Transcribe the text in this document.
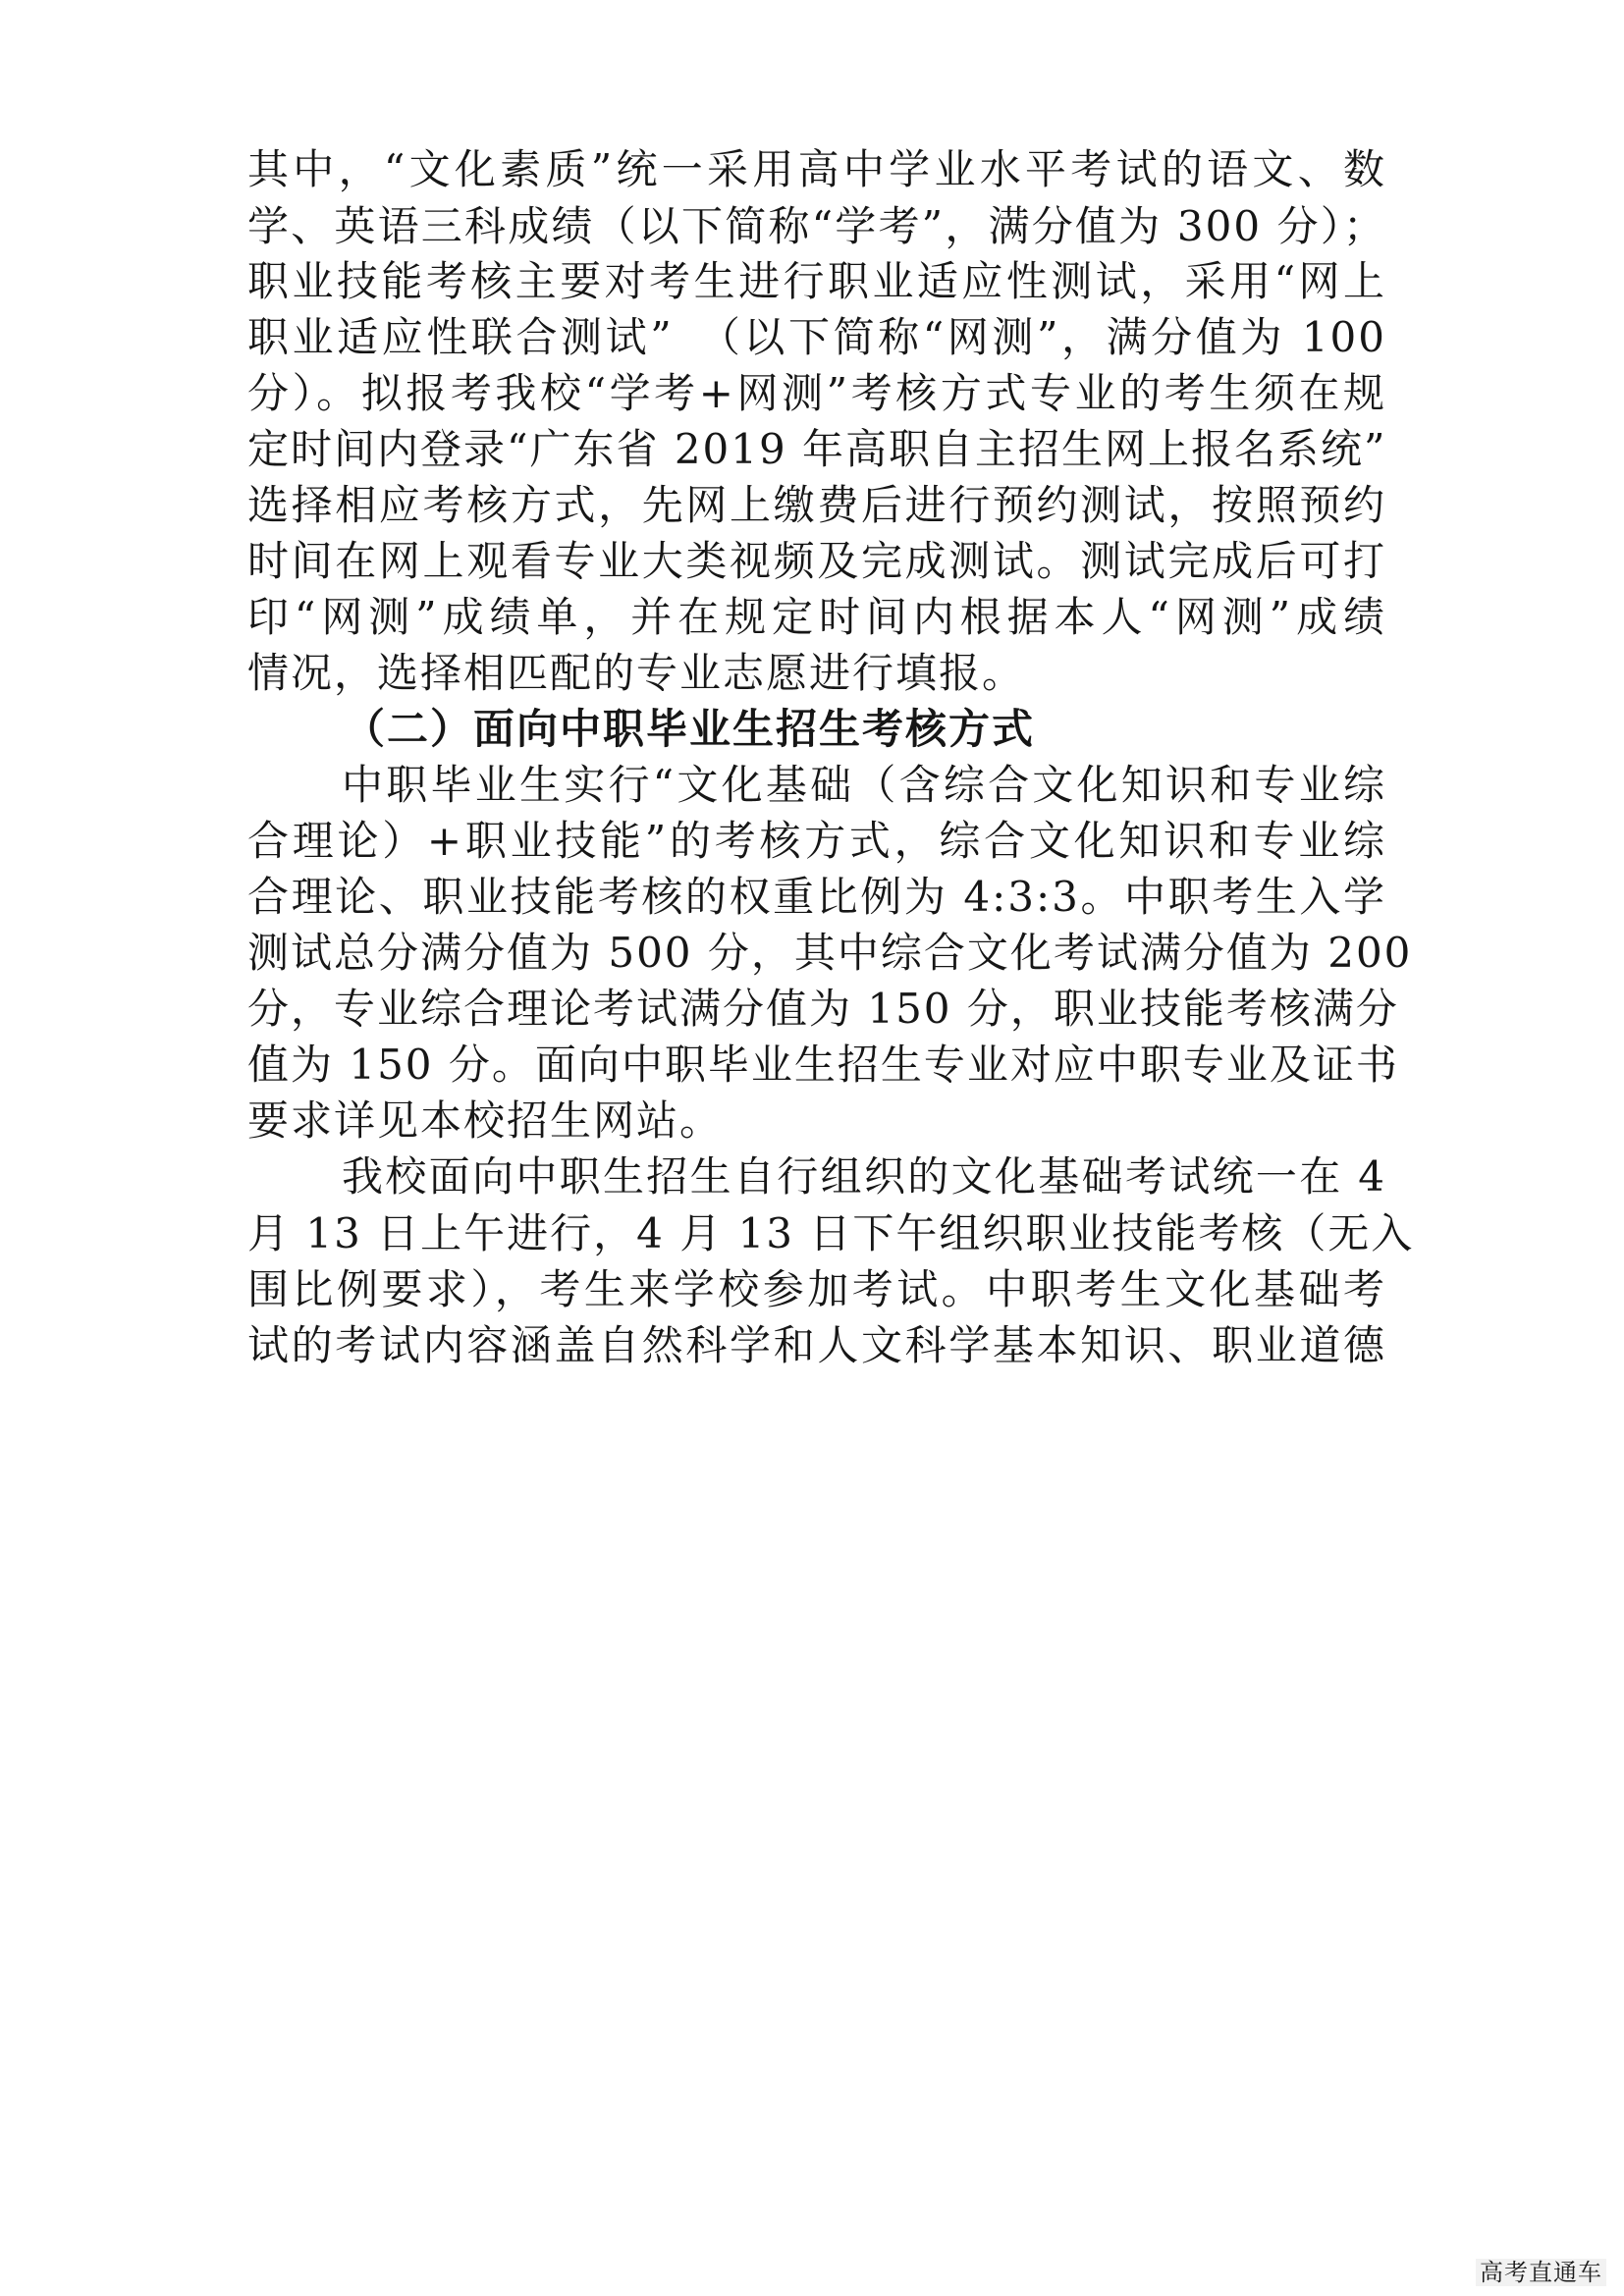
其中，“文化素质”统一采用高中学业水平考试的语文、数
学、英语三科成绩（以下简称“学考”，满分值为 300 分）；
职业技能考核主要对考生进行职业适应性测试，采用“网上
职业适应性联合测试”　（以下简称“网测”，满分值为 100
分）。拟报考我校“学考+网测”考核方式专业的考生须在规
定时间内登录“广东省 2019 年高职自主招生网上报名系统”
选择相应考核方式，先网上缴费后进行预约测试，按照预约
时间在网上观看专业大类视频及完成测试。测试完成后可打
印“网测”成绩单，并在规定时间内根据本人“网测”成绩
情况，选择相匹配的专业志愿进行填报。
（二）面向中职毕业生招生考核方式
中职毕业生实行“文化基础（含综合文化知识和专业综
合理论）+职业技能”的考核方式，综合文化知识和专业综
合理论、职业技能考核的权重比例为 4:3:3。中职考生入学
测试总分满分值为 500 分，其中综合文化考试满分值为 200
分，专业综合理论考试满分值为 150 分，职业技能考核满分
值为 150 分。面向中职毕业生招生专业对应中职专业及证书
要求详见本校招生网站。
我校面向中职生招生自行组织的文化基础考试统一在 4
月 13 日上午进行，4 月 13 日下午组织职业技能考核（无入
围比例要求），考生来学校参加考试。中职考生文化基础考
试的考试内容涵盖自然科学和人文科学基本知识、职业道德
高考直通车
